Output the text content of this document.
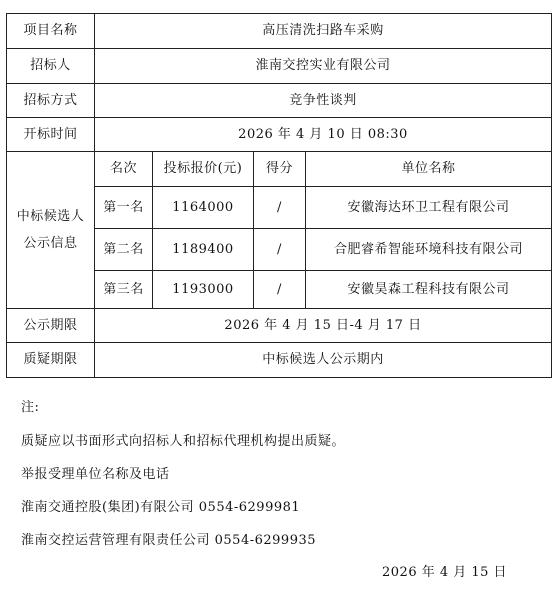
项目名称	高压清洗扫路车采购			
招标人	淮南交控实业有限公司			
招标方式	竞争性谈判			
开标时间	2026 年 4 月 10 日 08:30			
中标候选人
公示信息	名次	投标报价(元)	得分	单位名称
	第一名	1164000	/	安徽海达环卫工程有限公司
	第二名	1189400	/	合肥睿希智能环境科技有限公司
	第三名	1193000	/	安徽昊森工程科技有限公司
公示期限	2026 年 4 月 15 日-4 月 17 日			
质疑期限	中标候选人公示期内			

注:

质疑应以书面形式向招标人和招标代理机构提出质疑。

举报受理单位名称及电话

淮南交通控股(集团)有限公司 0554-6299981

淮南交控运营管理有限责任公司 0554-6299935

2026 年 4 月 15 日
